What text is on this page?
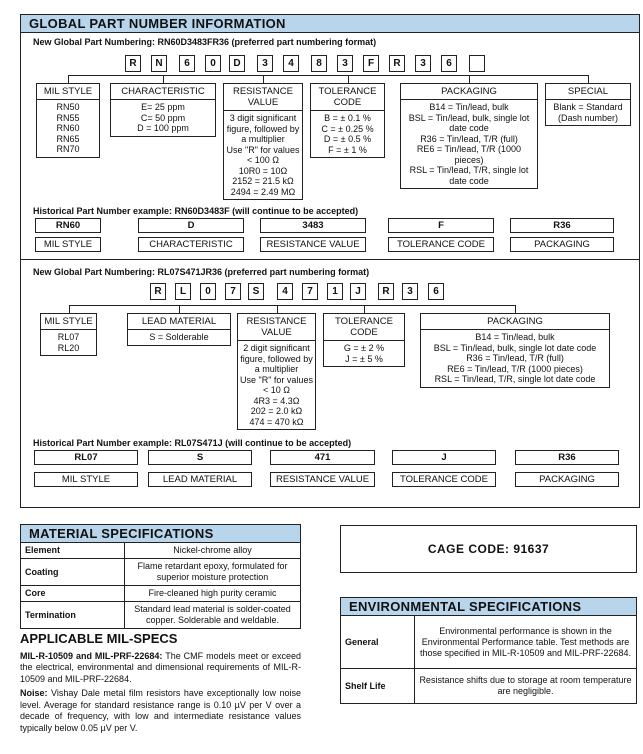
GLOBAL PART NUMBER INFORMATION
New Global Part Numbering: RN60D3483FR36 (preferred part numbering format)
R	N	6	0	D	3	4	8	3	F	R	3	6
MIL STYLE
RN50
RN55
RN60
RN65
RN70
CHARACTERISTIC
E= 25 ppm
C= 50 ppm
D = 100 ppm
RESISTANCE VALUE
3 digit significant figure, followed by a multiplier
Use "R" for values < 100 Ω
10R0 = 10Ω
2152 = 21.5 kΩ
2494 = 2.49 MΩ
TOLERANCE CODE
B = ± 0.1 %
C = ± 0.25 %
D = ± 0.5 %
F = ± 1 %
PACKAGING
B14 = Tin/lead, bulk
BSL = Tin/lead, bulk, single lot date code
R36 = Tin/lead, T/R (full)
RE6 = Tin/lead, T/R (1000 pieces)
RSL = Tin/lead, T/R, single lot date code
SPECIAL
Blank = Standard (Dash number)
Historical Part Number example: RN60D3483F (will continue to be accepted)
RN60
MIL STYLE
D
CHARACTERISTIC
3483
RESISTANCE VALUE
F
TOLERANCE CODE
R36
PACKAGING
New Global Part Numbering: RL07S471JR36 (preferred part numbering format)
R	L	0	7	S	4	7	1	J	R	3	6
MIL STYLE
RL07
RL20
LEAD MATERIAL
S = Solderable
RESISTANCE VALUE
2 digit significant figure, followed by a multiplier
Use "R" for values < 10 Ω
4R3 = 4.3Ω
202 = 2.0 kΩ
474 = 470 kΩ
TOLERANCE CODE
G = ± 2 %
J = ± 5 %
PACKAGING
B14 = Tin/lead, bulk
BSL = Tin/lead, bulk, single lot date code
R36 = Tin/lead, T/R (full)
RE6 = Tin/lead, T/R (1000 pieces)
RSL = Tin/lead, T/R, single lot date code
Historical Part Number example: RL07S471J (will continue to be accepted)
RL07
MIL STYLE
S
LEAD MATERIAL
471
RESISTANCE VALUE
J
TOLERANCE CODE
R36
PACKAGING
MATERIAL SPECIFICATIONS
Element	Nickel-chrome alloy
Coating	Flame retardant epoxy, formulated for superior moisture protection
Core	Fire-cleaned high purity ceramic
Termination	Standard lead material is solder-coated copper. Solderable and weldable.
APPLICABLE MIL-SPECS

MIL-R-10509 and MIL-PRF-22684: The CMF models meet or exceed the electrical, environmental and dimensional requirements of MIL-R-10509 and MIL-PRF-22684.

Noise: Vishay Dale metal film resistors have exceptionally low noise level. Average for standard resistance range is 0.10 µV per V over a decade of frequency, with low and intermediate resistance values typically below 0.05 µV per V.

CAGE CODE: 91637
ENVIRONMENTAL SPECIFICATIONS
General	Environmental performance is shown in the Environmental Performance table. Test methods are those specified in MIL-R-10509 and MIL-PRF-22684.
Shelf Life	Resistance shifts due to storage at room temperature are negligible.
